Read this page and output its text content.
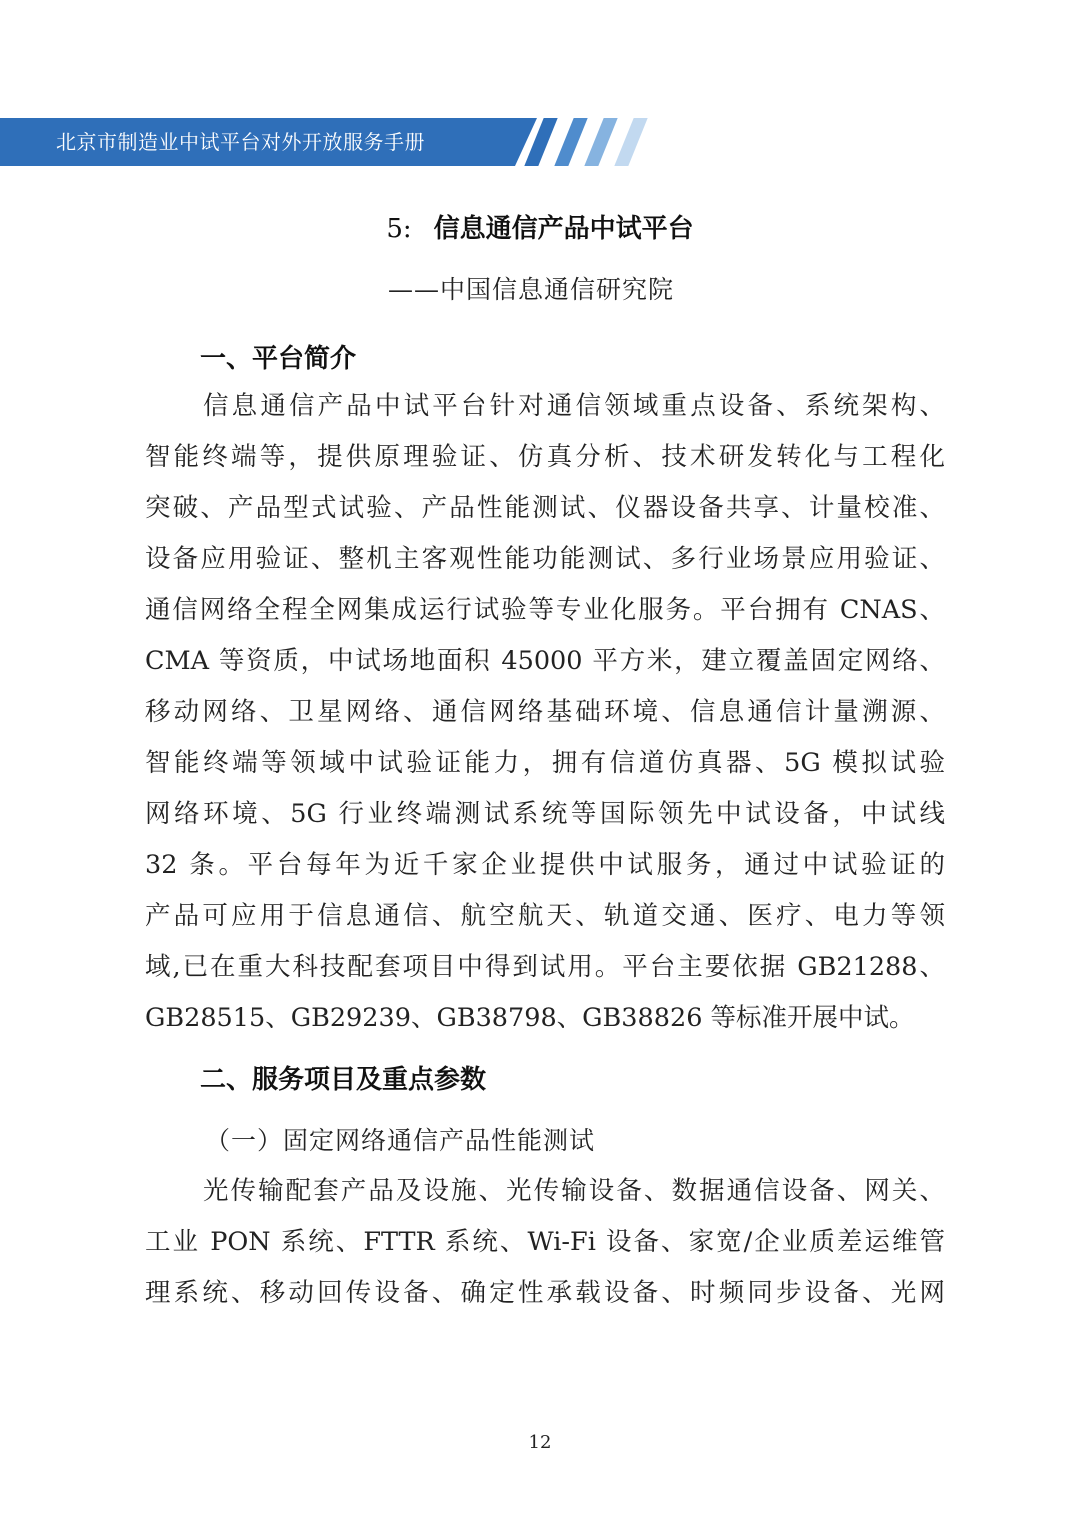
北京市制造业中试平台对外开放服务手册
5: 信息通信产品中试平台
——中国信息通信研究院
一、平台简介
信息通信产品中试平台针对通信领域重点设备、系统架构、
智能终端等，提供原理验证、仿真分析、技术研发转化与工程化
突破、产品型式试验、产品性能测试、仪器设备共享、计量校准、
设备应用验证、整机主客观性能功能测试、多行业场景应用验证、
通信网络全程全网集成运行试验等专业化服务。平台拥有 CNAS、
CMA 等资质，中试场地面积 45000 平方米，建立覆盖固定网络、
移动网络、卫星网络、通信网络基础环境、信息通信计量溯源、
智能终端等领域中试验证能力，拥有信道仿真器、5G 模拟试验
网络环境、5G 行业终端测试系统等国际领先中试设备，中试线
32 条。平台每年为近千家企业提供中试服务，通过中试验证的
产品可应用于信息通信、航空航天、轨道交通、医疗、电力等领
域,已在重大科技配套项目中得到试用。平台主要依据 GB21288、
GB28515、GB29239、GB38798、GB38826 等标准开展中试。
二、服务项目及重点参数
（一）固定网络通信产品性能测试
光传输配套产品及设施、光传输设备、数据通信设备、网关、
工业 PON 系统、FTTR 系统、Wi-Fi 设备、家宽/企业质差运维管
理系统、移动回传设备、确定性承载设备、时频同步设备、光网
12
